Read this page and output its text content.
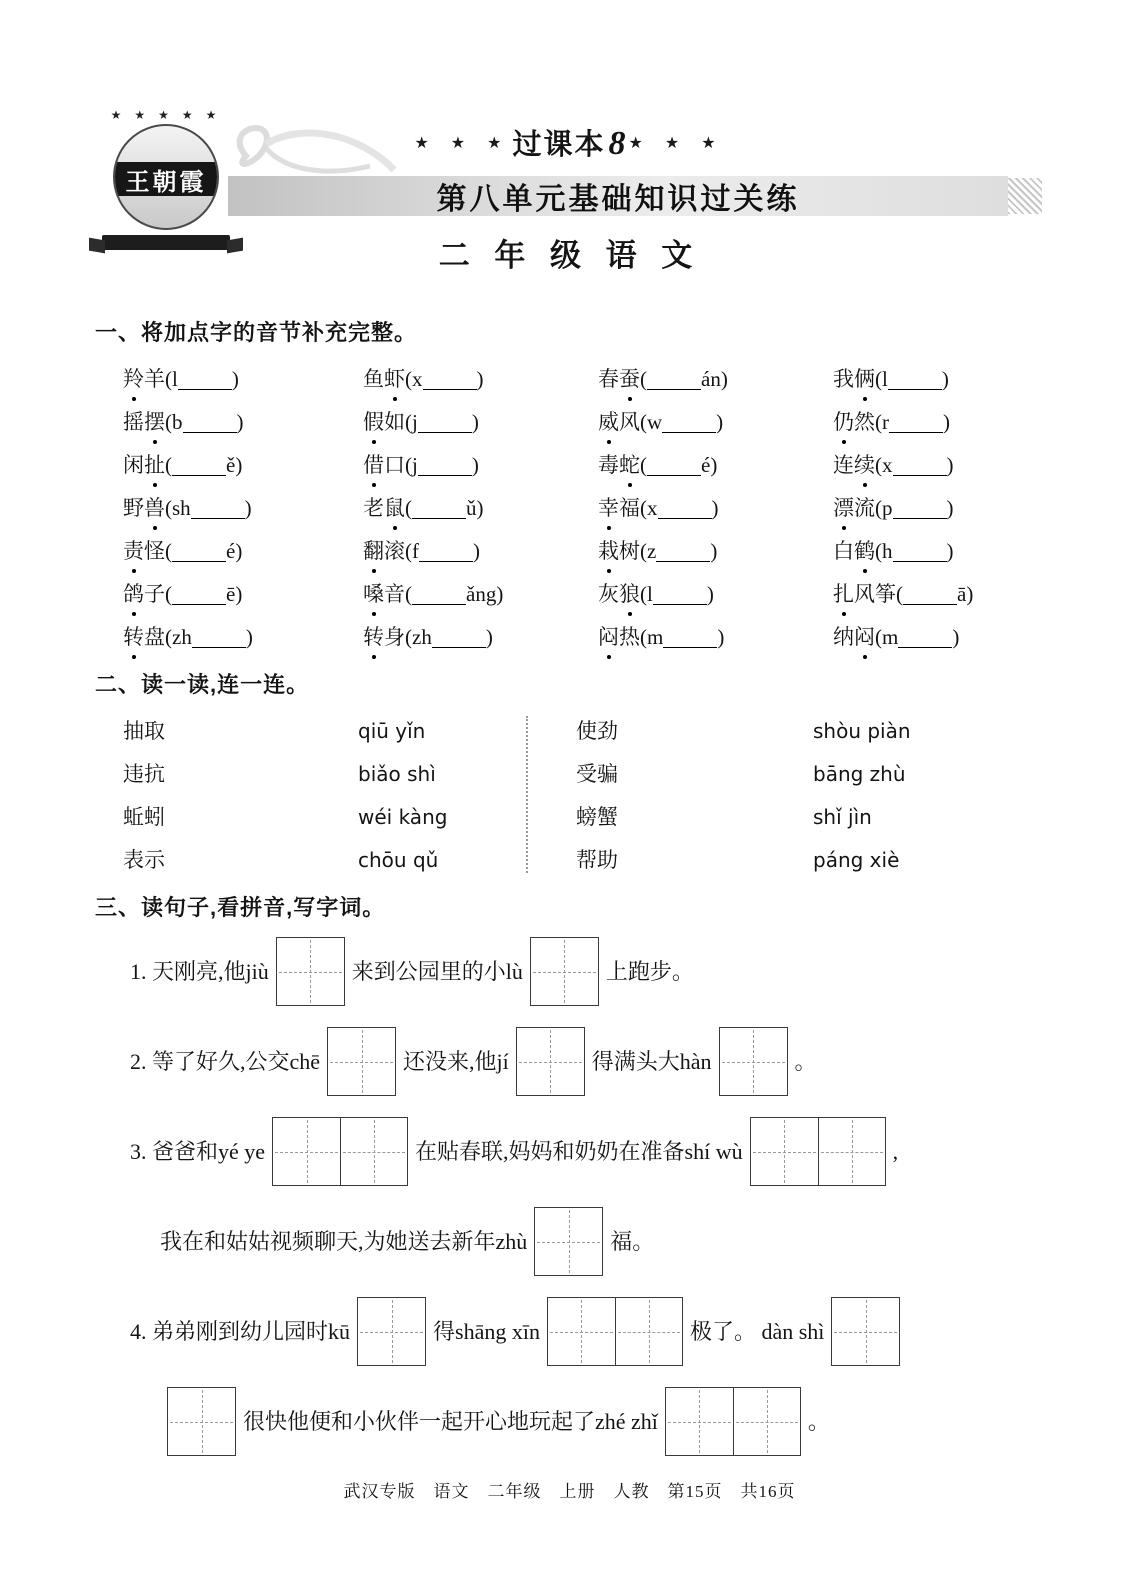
★ ★ ★ ★ ★
王朝霞
★ ★ ★过课本8 ★ ★ ★
第八单元基础知识过关练
二 年 级 语 文
一、将加点字的音节补充完整。
羚羊(l	)	鱼虾(x	)	春蚕(	án)	我俩(l	)
摇摆(b	)	假如(j	)	威风(w	)	仍然(r	)
闲扯(	ě)	借口(j	)	毒蛇(	é)	连续(x	)
野兽(sh	)	老鼠(	ǔ)	幸福(x	)	漂流(p	)
责怪(	é)	翻滚(f	)	栽树(z	)	白鹤(h	)
鸽子(	ē)	嗓音(	ǎng)	灰狼(l	)	扎风筝(	ā)
转盘(zh	)	转身(zh	)	闷热(m	)	纳闷(m	)
二、读一读,连一连。
抽取	qiū yǐn	使劲	shòu piàn
违抗	biǎo shì	受骗	bāng zhù
蚯蚓	wéi kàng	螃蟹	shǐ jìn
表示	chōu qǔ	帮助	páng xiè
三、读句子,看拼音,写字词。
1. 天刚亮,他jiù	来到公园里的小lù	上跑步。
2. 等了好久,公交chē	还没来,他jí	得满头大hàn	。
3. 爸爸和yé ye	在贴春联,妈妈和奶奶在准备shí wù	,
我在和姑姑视频聊天,为她送去新年zhù	福。
4. 弟弟刚到幼儿园时kū	得shāng xīn	极了。 dàn shì
很快他便和小伙伴一起开心地玩起了zhé zhǐ	。
武汉专版　语文　二年级　上册　人教　第15页　共16页
